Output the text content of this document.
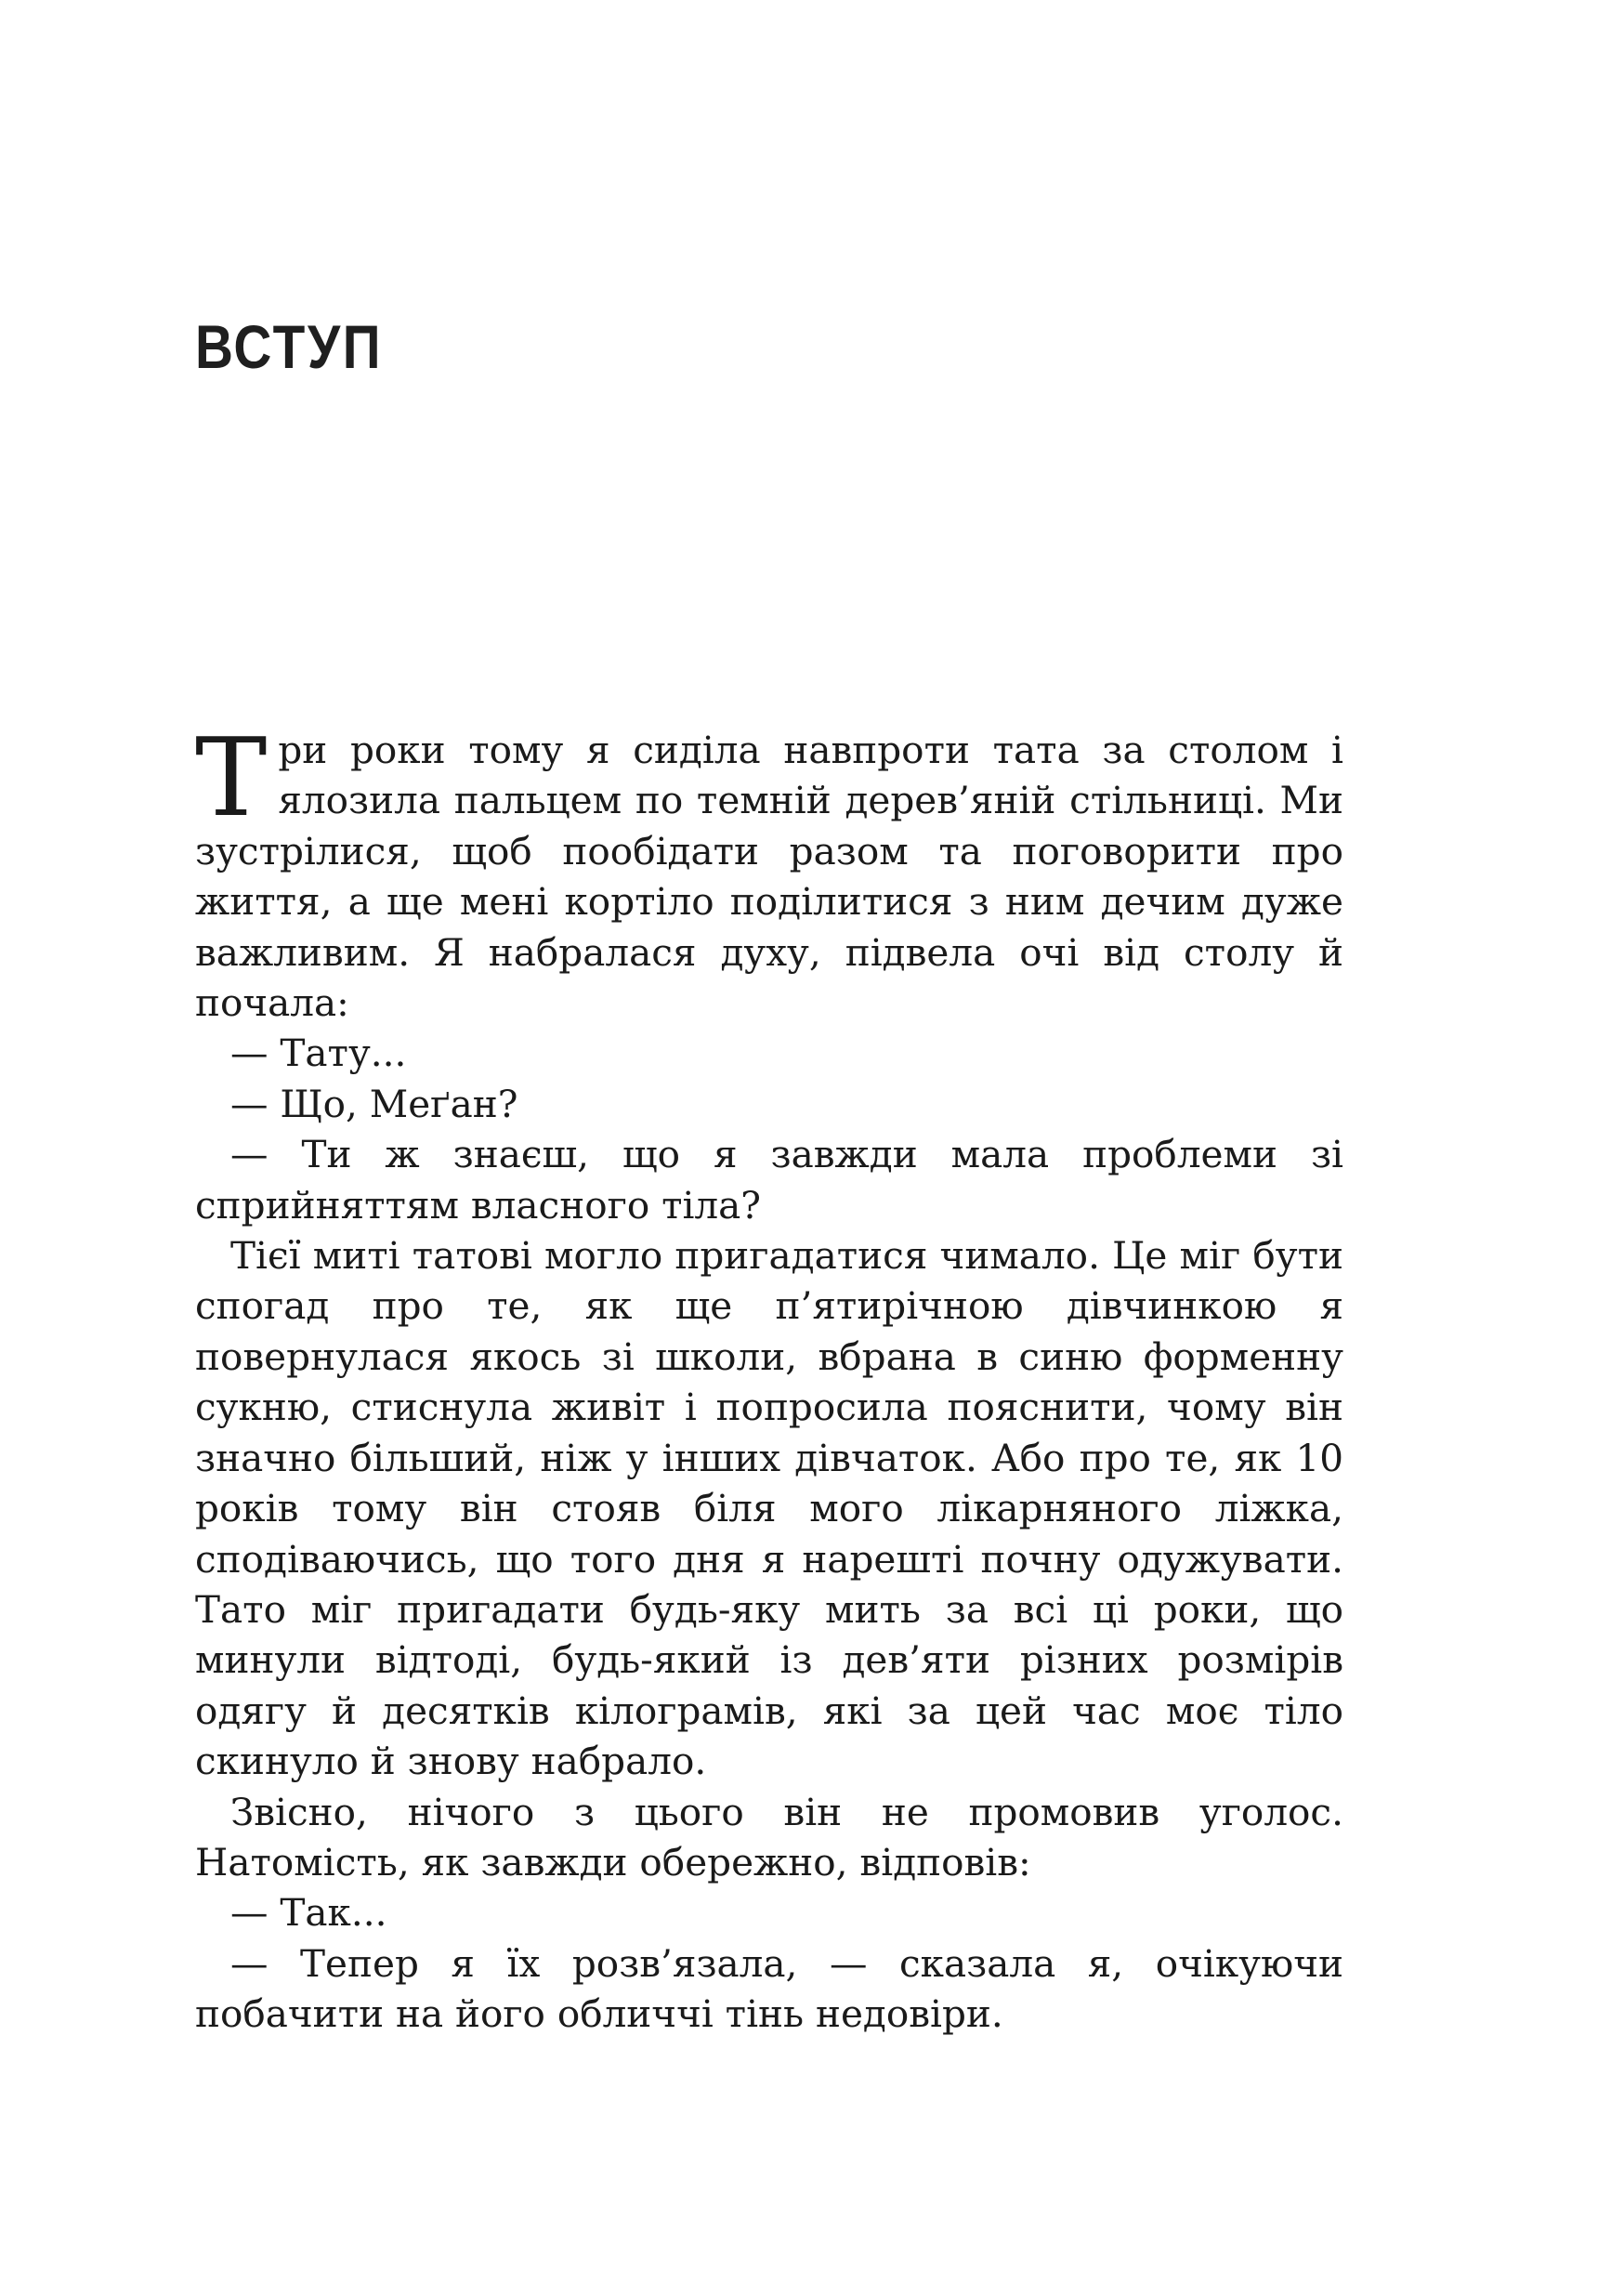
ВСТУП

Три роки тому я сиділа навпроти тата за столом і ялозила пальцем по темній дерев’яній стільниці. Ми зустрілися, щоб пообідати разом та поговорити про життя, а ще мені кортіло поділитися з ним дечим дуже важливим. Я набралася духу, підвела очі від столу й почала:

— Тату...

— Що, Меґан?

— Ти ж знаєш, що я завжди мала проблеми зі сприйняттям власного тіла?

Тієї миті татові могло пригадатися чимало. Це міг бути спогад про те, як ще п’ятирічною дівчинкою я повернулася якось зі школи, вбрана в синю форменну сукню, стиснула живіт і попросила пояснити, чому він значно більший, ніж у інших дівчаток. Або про те, як 10 років тому він стояв біля мого лікарняного ліжка, сподіваючись, що того дня я нарешті почну одужувати. Тато міг пригадати будь-яку мить за всі ці роки, що минули відтоді, будь-який із дев’яти різних розмірів одягу й десятків кілограмів, які за цей час моє тіло скинуло й знову набрало.

Звісно, нічого з цього він не промовив уголос. Натомість, як завжди обережно, відповів:

— Так...

— Тепер я їх розв’язала, — сказала я, очікуючи побачити на його обличчі тінь недовіри.
